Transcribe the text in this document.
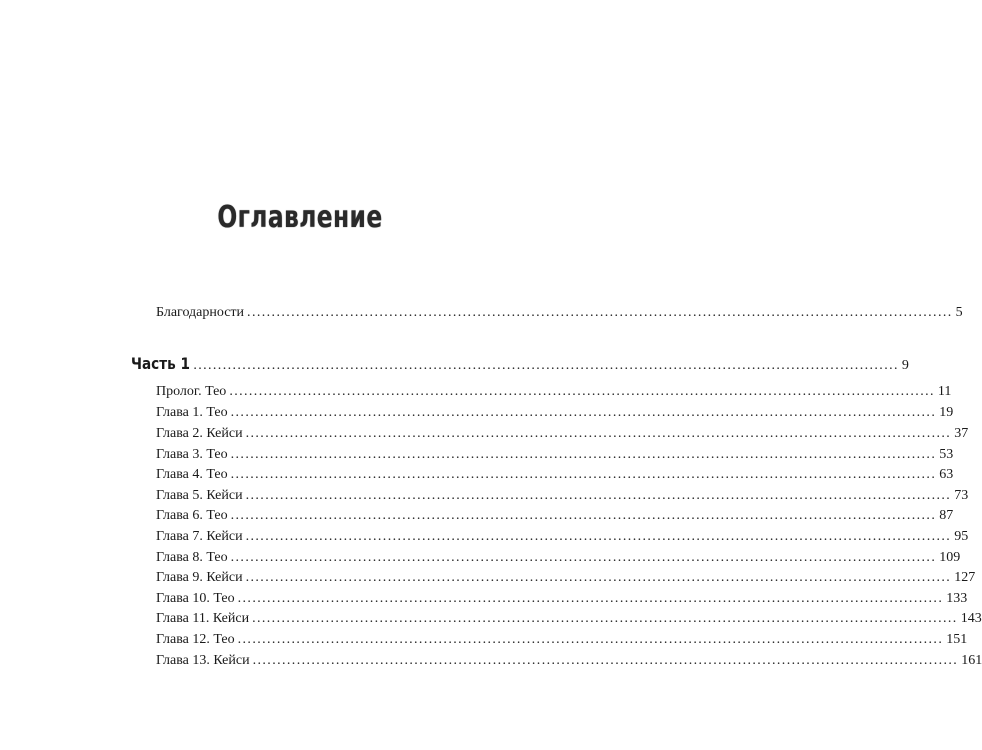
Оглавление
Благодарности ................................................................................................................................................ 5
Часть 1 ................................................................................................................................................ 9
Пролог. Тео ................................................................................................................................................ 11
Глава 1. Тео ................................................................................................................................................ 19
Глава 2. Кейси ................................................................................................................................................ 37
Глава 3. Тео ................................................................................................................................................ 53
Глава 4. Тео ................................................................................................................................................ 63
Глава 5. Кейси ................................................................................................................................................ 73
Глава 6. Тео ................................................................................................................................................ 87
Глава 7. Кейси ................................................................................................................................................ 95
Глава 8. Тео ................................................................................................................................................ 109
Глава 9. Кейси ................................................................................................................................................ 127
Глава 10. Тео ................................................................................................................................................ 133
Глава 11. Кейси ................................................................................................................................................ 143
Глава 12. Тео ................................................................................................................................................ 151
Глава 13. Кейси ................................................................................................................................................ 161
